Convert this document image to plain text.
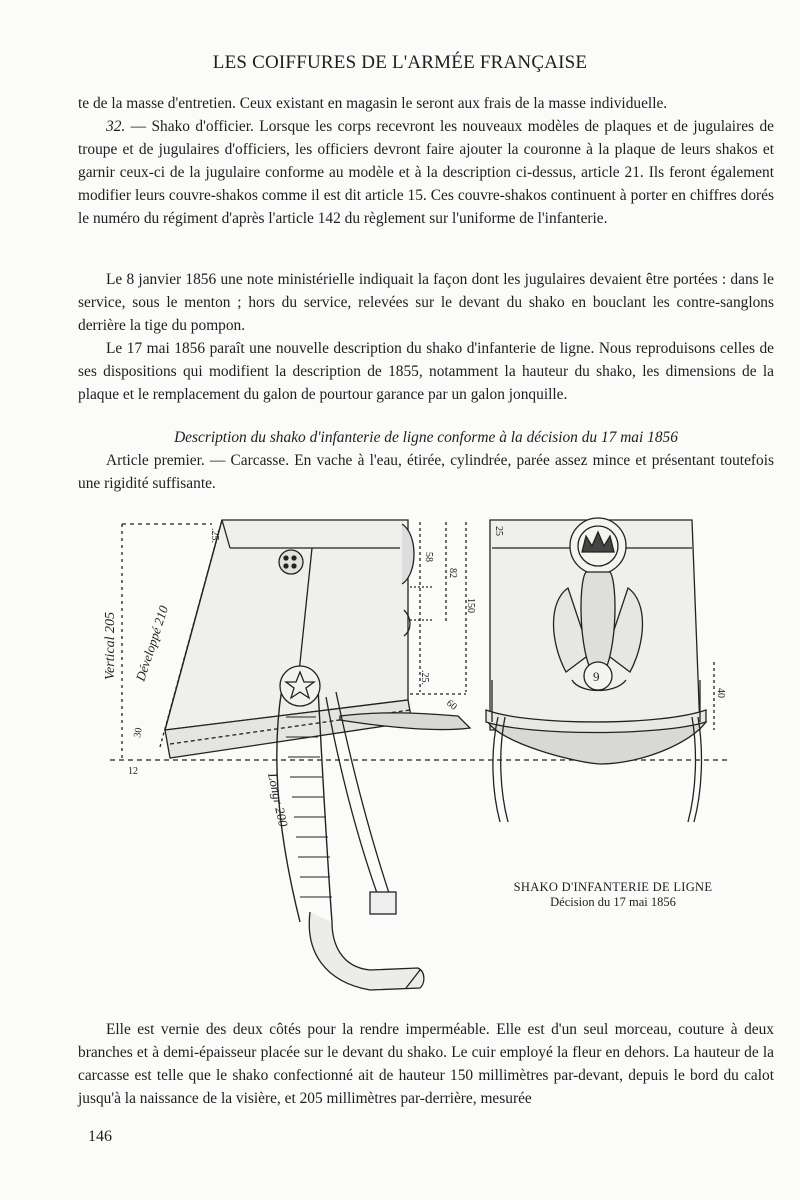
LES COIFFURES DE L'ARMÉE FRANÇAISE

te de la masse d'entretien. Ceux existant en magasin le seront aux frais de la masse individuelle.

32. — Shako d'officier. Lorsque les corps recevront les nouveaux modèles de plaques et de jugulaires de troupe et de jugulaires d'officiers, les officiers devront faire ajouter la couronne à la plaque de leurs shakos et garnir ceux-ci de la jugulaire conforme au modèle et à la description ci-dessus, article 21. Ils feront également modifier leurs couvre-shakos comme il est dit article 15. Ces couvre-shakos continuent à porter en chiffres dorés le numéro du régiment d'après l'article 142 du règlement sur l'uniforme de l'infanterie.

Le 8 janvier 1856 une note ministérielle indiquait la façon dont les jugulaires devaient être portées : dans le service, sous le menton ; hors du service, relevées sur le devant du shako en bouclant les contre-sanglons derrière la tige du pompon.

Le 17 mai 1856 paraît une nouvelle description du shako d'infanterie de ligne. Nous reproduisons celles de ses dispositions qui modifient la description de 1855, notamment la hauteur du shako, les dimensions de la plaque et le remplacement du galon de pourtour garance par un galon jonquille.

Description du shako d'infanterie de ligne conforme à la décision du 17 mai 1856

Article premier. — Carcasse. En vache à l'eau, étirée, cylindrée, parée assez mince et présentant toutefois une rigidité suffisante.

Vertical 205 Développé 210
Longr 200
.25.
58
82
150
.25.
60
30
12
25
40
9
SHAKO D'INFANTERIE DE LIGNE
Décision du 17 mai 1856

Elle est vernie des deux côtés pour la rendre imperméable. Elle est d'un seul morceau, couture à deux branches et à demi-épaisseur placée sur le devant du shako. Le cuir employé la fleur en dehors. La hauteur de la carcasse est telle que le shako confectionné ait de hauteur 150 millimètres par-devant, depuis le bord du calot jusqu'à la naissance de la visière, et 205 millimètres par-derrière, mesurée

146
